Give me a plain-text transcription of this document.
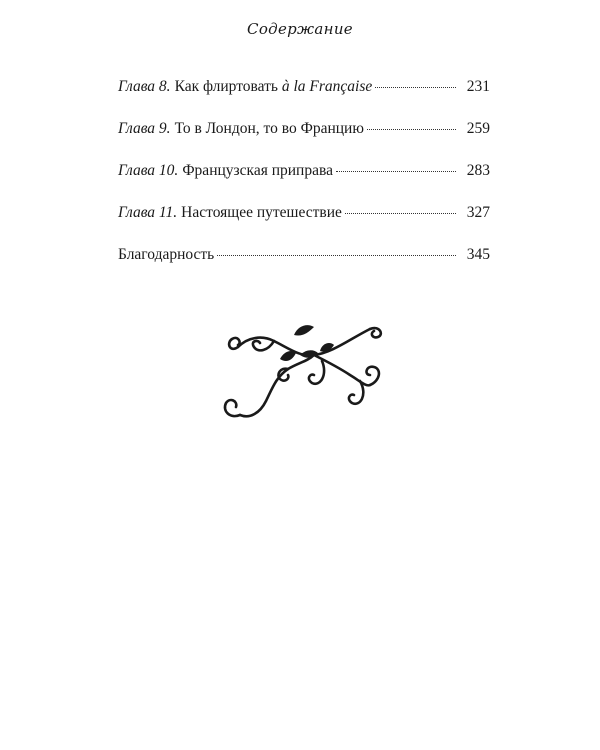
Содержание
Глава 8. Как флиртовать à la Française	231
Глава 9. То в Лондон, то во Францию	259
Глава 10. Французская приправа	283
Глава 11. Настоящее путешествие	327
Благодарность	345
